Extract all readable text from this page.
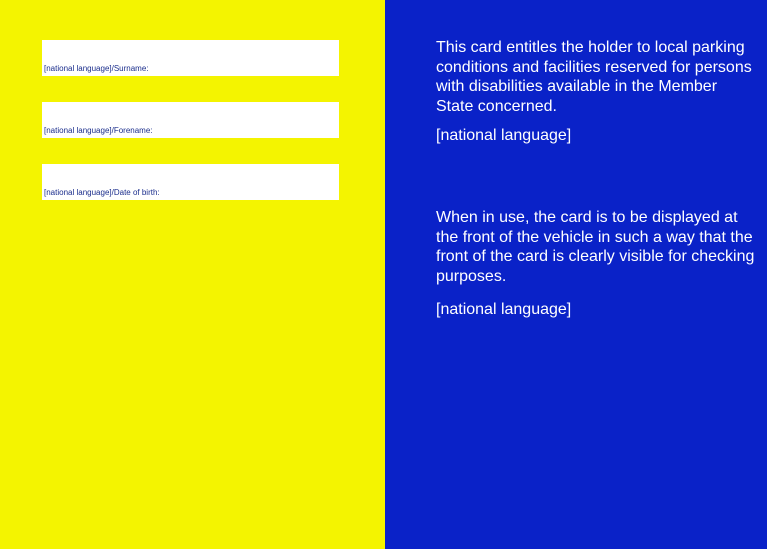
[national language]/Surname:
[national language]/Forename:
[national language]/Date of birth:

This card entitles the holder to local parking conditions and facilities reserved for persons with disabilities available in the Member State concerned.

[national language]

When in use, the card is to be displayed at the front of the vehicle in such a way that the front of the card is clearly visible for checking purposes.

[national language]
